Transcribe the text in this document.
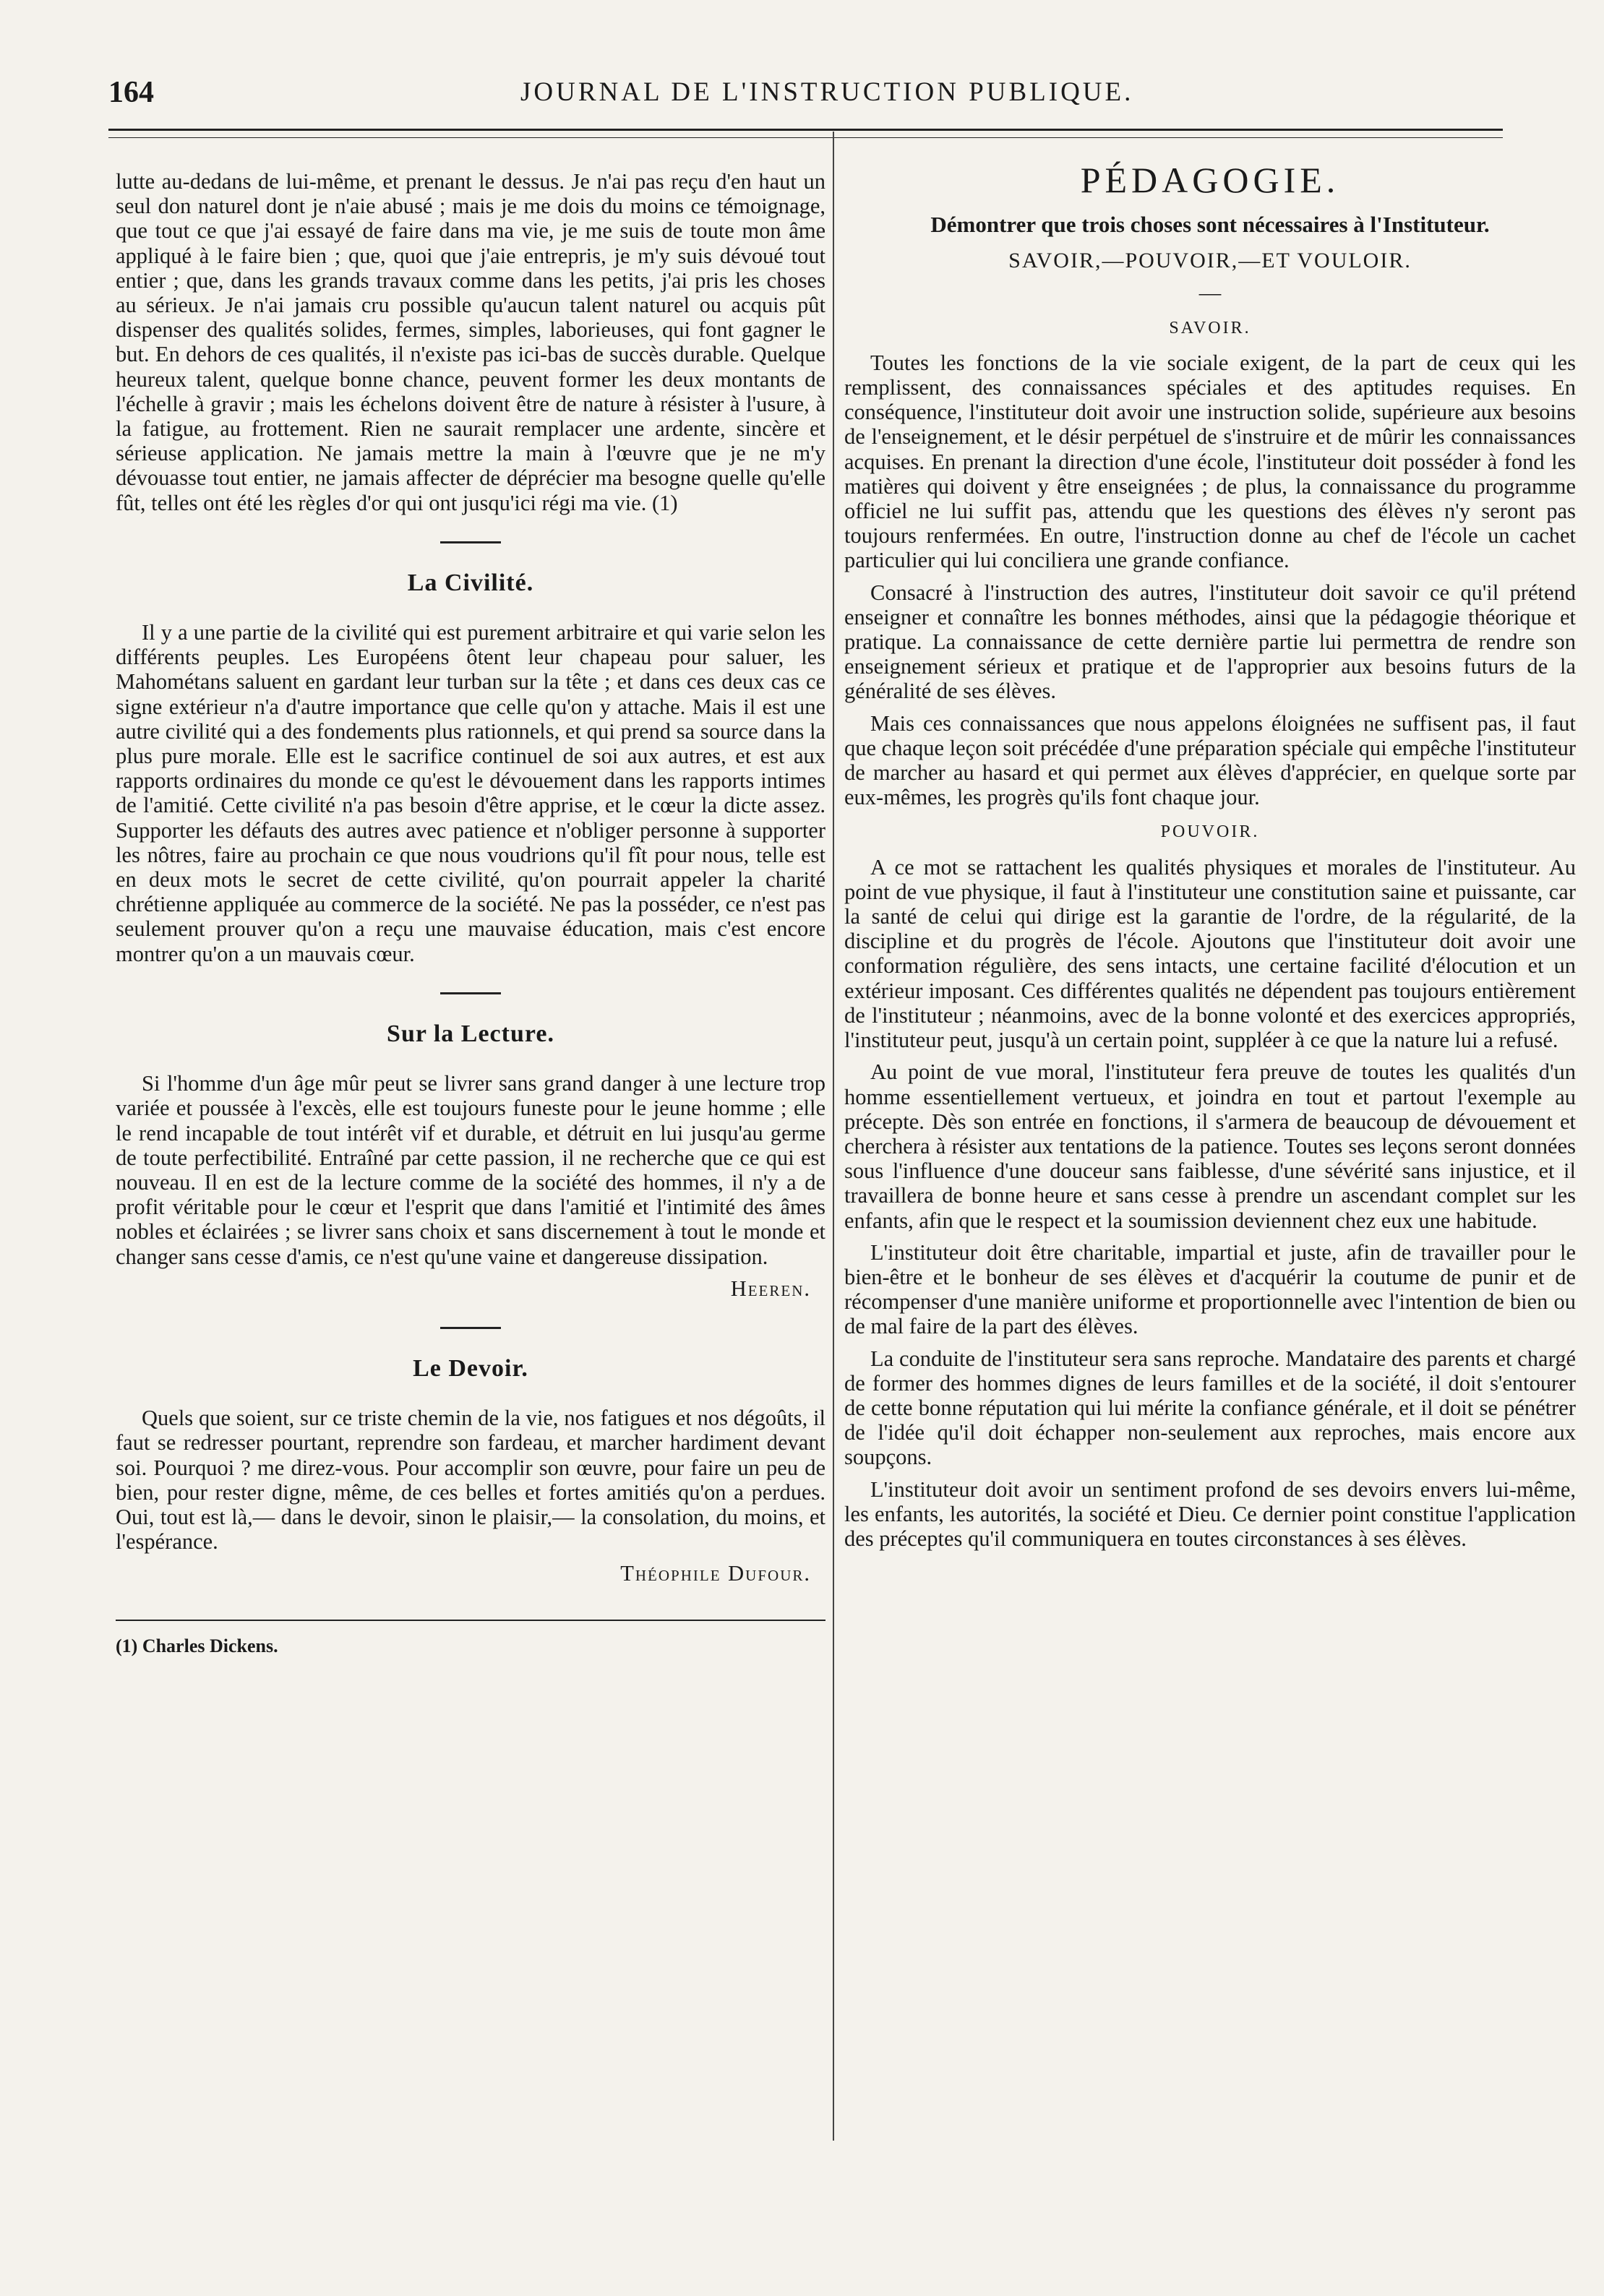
164	JOURNAL DE L'INSTRUCTION PUBLIQUE.

lutte au-dedans de lui-même, et prenant le dessus. Je n'ai pas reçu d'en haut un seul don naturel dont je n'aie abusé ; mais je me dois du moins ce témoignage, que tout ce que j'ai essayé de faire dans ma vie, je me suis de toute mon âme appliqué à le faire bien ; que, quoi que j'aie entrepris, je m'y suis dévoué tout entier ; que, dans les grands travaux comme dans les petits, j'ai pris les choses au sérieux. Je n'ai jamais cru possible qu'aucun talent naturel ou acquis pût dispenser des qualités solides, fermes, simples, laborieuses, qui font gagner le but. En dehors de ces qualités, il n'existe pas ici-bas de succès durable. Quelque heureux talent, quelque bonne chance, peuvent former les deux montants de l'échelle à gravir ; mais les échelons doivent être de nature à résister à l'usure, à la fatigue, au frottement. Rien ne saurait remplacer une ardente, sincère et sérieuse application. Ne jamais mettre la main à l'œuvre que je ne m'y dévouasse tout entier, ne jamais affecter de déprécier ma besogne quelle qu'elle fût, telles ont été les règles d'or qui ont jusqu'ici régi ma vie. (1)

La Civilité.

Il y a une partie de la civilité qui est purement arbitraire et qui varie selon les différents peuples. Les Européens ôtent leur chapeau pour saluer, les Mahométans saluent en gardant leur turban sur la tête ; et dans ces deux cas ce signe extérieur n'a d'autre importance que celle qu'on y attache. Mais il est une autre civilité qui a des fondements plus rationnels, et qui prend sa source dans la plus pure morale. Elle est le sacrifice continuel de soi aux autres, et est aux rapports ordinaires du monde ce qu'est le dévouement dans les rapports intimes de l'amitié. Cette civilité n'a pas besoin d'être apprise, et le cœur la dicte assez. Supporter les défauts des autres avec patience et n'obliger personne à supporter les nôtres, faire au prochain ce que nous voudrions qu'il fît pour nous, telle est en deux mots le secret de cette civilité, qu'on pourrait appeler la charité chrétienne appliquée au commerce de la société. Ne pas la posséder, ce n'est pas seulement prouver qu'on a reçu une mauvaise éducation, mais c'est encore montrer qu'on a un mauvais cœur.

Sur la Lecture.

Si l'homme d'un âge mûr peut se livrer sans grand danger à une lecture trop variée et poussée à l'excès, elle est toujours funeste pour le jeune homme ; elle le rend incapable de tout intérêt vif et durable, et détruit en lui jusqu'au germe de toute perfectibilité. Entraîné par cette passion, il ne recherche que ce qui est nouveau. Il en est de la lecture comme de la société des hommes, il n'y a de profit véritable pour le cœur et l'esprit que dans l'amitié et l'intimité des âmes nobles et éclairées ; se livrer sans choix et sans discernement à tout le monde et changer sans cesse d'amis, ce n'est qu'une vaine et dangereuse dissipation.

Heeren.
Le Devoir.

Quels que soient, sur ce triste chemin de la vie, nos fatigues et nos dégoûts, il faut se redresser pourtant, reprendre son fardeau, et marcher hardiment devant soi. Pourquoi ? me direz-vous. Pour accomplir son œuvre, pour faire un peu de bien, pour rester digne, même, de ces belles et fortes amitiés qu'on a perdues. Oui, tout est là,— dans le devoir, sinon le plaisir,— la consolation, du moins, et l'espérance.

Théophile Dufour.
(1) Charles Dickens.
PÉDAGOGIE.
Démontrer que trois choses sont nécessaires à l'Instituteur.
SAVOIR,—POUVOIR,—ET VOULOIR.
—
SAVOIR.

Toutes les fonctions de la vie sociale exigent, de la part de ceux qui les remplissent, des connaissances spéciales et des aptitudes requises. En conséquence, l'instituteur doit avoir une instruction solide, supérieure aux besoins de l'enseignement, et le désir perpétuel de s'instruire et de mûrir les connaissances acquises. En prenant la direction d'une école, l'instituteur doit posséder à fond les matières qui doivent y être enseignées ; de plus, la connaissance du programme officiel ne lui suffit pas, attendu que les questions des élèves n'y seront pas toujours renfermées. En outre, l'instruction donne au chef de l'école un cachet particulier qui lui conciliera une grande confiance.

Consacré à l'instruction des autres, l'instituteur doit savoir ce qu'il prétend enseigner et connaître les bonnes méthodes, ainsi que la pédagogie théorique et pratique. La connaissance de cette dernière partie lui permettra de rendre son enseignement sérieux et pratique et de l'approprier aux besoins futurs de la généralité de ses élèves.

Mais ces connaissances que nous appelons éloignées ne suffisent pas, il faut que chaque leçon soit précédée d'une préparation spéciale qui empêche l'instituteur de marcher au hasard et qui permet aux élèves d'apprécier, en quelque sorte par eux-mêmes, les progrès qu'ils font chaque jour.

POUVOIR.

A ce mot se rattachent les qualités physiques et morales de l'instituteur. Au point de vue physique, il faut à l'instituteur une constitution saine et puissante, car la santé de celui qui dirige est la garantie de l'ordre, de la régularité, de la discipline et du progrès de l'école. Ajoutons que l'instituteur doit avoir une conformation régulière, des sens intacts, une certaine facilité d'élocution et un extérieur imposant. Ces différentes qualités ne dépendent pas toujours entièrement de l'instituteur ; néanmoins, avec de la bonne volonté et des exercices appropriés, l'instituteur peut, jusqu'à un certain point, suppléer à ce que la nature lui a refusé.

Au point de vue moral, l'instituteur fera preuve de toutes les qualités d'un homme essentiellement vertueux, et joindra en tout et partout l'exemple au précepte. Dès son entrée en fonctions, il s'armera de beaucoup de dévouement et cherchera à résister aux tentations de la patience. Toutes ses leçons seront données sous l'influence d'une douceur sans faiblesse, d'une sévérité sans injustice, et il travaillera de bonne heure et sans cesse à prendre un ascendant complet sur les enfants, afin que le respect et la soumission deviennent chez eux une habitude.

L'instituteur doit être charitable, impartial et juste, afin de travailler pour le bien-être et le bonheur de ses élèves et d'acquérir la coutume de punir et de récompenser d'une manière uniforme et proportionnelle avec l'intention de bien ou de mal faire de la part des élèves.

La conduite de l'instituteur sera sans reproche. Mandataire des parents et chargé de former des hommes dignes de leurs familles et de la société, il doit s'entourer de cette bonne réputation qui lui mérite la confiance générale, et il doit se pénétrer de l'idée qu'il doit échapper non-seulement aux reproches, mais encore aux soupçons.

L'instituteur doit avoir un sentiment profond de ses devoirs envers lui-même, les enfants, les autorités, la société et Dieu. Ce dernier point constitue l'application des préceptes qu'il communiquera en toutes circonstances à ses élèves.
